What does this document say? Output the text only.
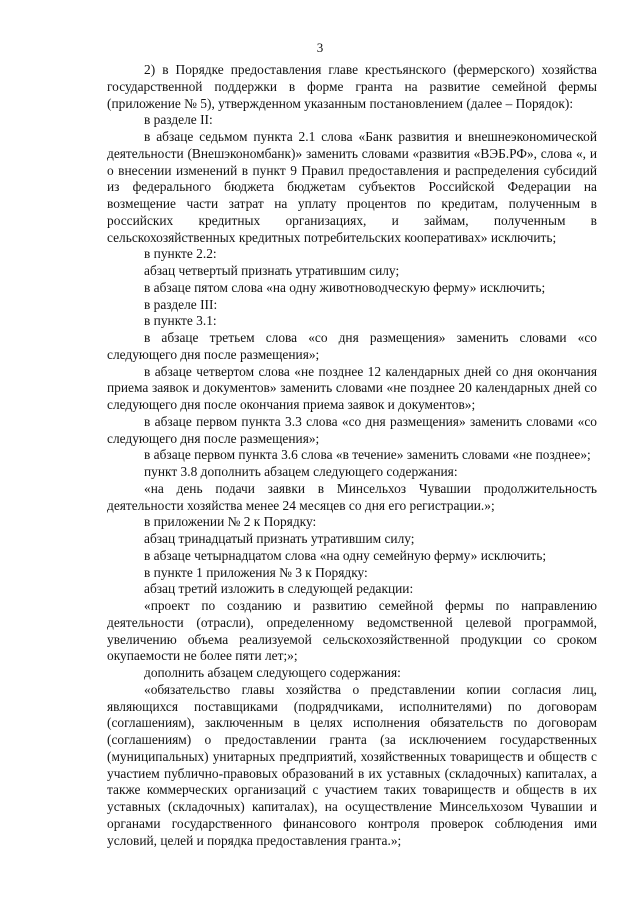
3

2) в Порядке предоставления главе крестьянского (фермерского) хозяйства государственной поддержки в форме гранта на развитие семейной фермы (приложение № 5), утвержденном указанным постановлением (далее – Порядок):

в разделе II:

в абзаце седьмом пункта 2.1 слова «Банк развития и внешнеэкономической деятельности (Внешэкономбанк)» заменить словами «развития «ВЭБ.РФ», слова «, и о внесении изменений в пункт 9 Правил предоставления и распределения субсидий из федерального бюджета бюджетам субъектов Российской Федерации на возмещение части затрат на уплату процентов по кредитам, полученным в российских кредитных организациях, и займам, полученным в сельскохозяйственных кредитных потребительских кооперативах» исключить;

в пункте 2.2:

абзац четвертый признать утратившим силу;

в абзаце пятом слова «на одну животноводческую ферму» исключить;

в разделе III:

в пункте 3.1:

в абзаце третьем слова «со дня размещения» заменить словами «со следующего дня после размещения»;

в абзаце четвертом слова «не позднее 12 календарных дней со дня окончания приема заявок и документов» заменить словами «не позднее 20 календарных дней со следующего дня после окончания приема заявок и документов»;

в абзаце первом пункта 3.3 слова «со дня размещения» заменить словами «со следующего дня после размещения»;

в абзаце первом пункта 3.6 слова «в течение» заменить словами «не позднее»;

пункт 3.8 дополнить абзацем следующего содержания:

«на день подачи заявки в Минсельхоз Чувашии продолжительность деятельности хозяйства менее 24 месяцев со дня его регистрации.»;

в приложении № 2 к Порядку:

абзац тринадцатый признать утратившим силу;

в абзаце четырнадцатом слова «на одну семейную ферму» исключить;

в пункте 1 приложения № 3 к Порядку:

абзац третий изложить в следующей редакции:

«проект по созданию и развитию семейной фермы по направлению деятельности (отрасли), определенному ведомственной целевой программой, увеличению объема реализуемой сельскохозяйственной продукции со сроком окупаемости не более пяти лет;»;

дополнить абзацем следующего содержания:

«обязательство главы хозяйства о представлении копии согласия лиц, являющихся поставщиками (подрядчиками, исполнителями) по договорам (соглашениям), заключенным в целях исполнения обязательств по договорам (соглашениям) о предоставлении гранта (за исключением государственных (муниципальных) унитарных предприятий, хозяйственных товариществ и обществ с участием публично-правовых образований в их уставных (складочных) капиталах, а также коммерческих организаций с участием таких товариществ и обществ в их уставных (складочных) капиталах), на осуществление Минсельхозом Чувашии и органами государственного финансового контроля проверок соблюдения ими условий, целей и порядка предоставления гранта.»;
